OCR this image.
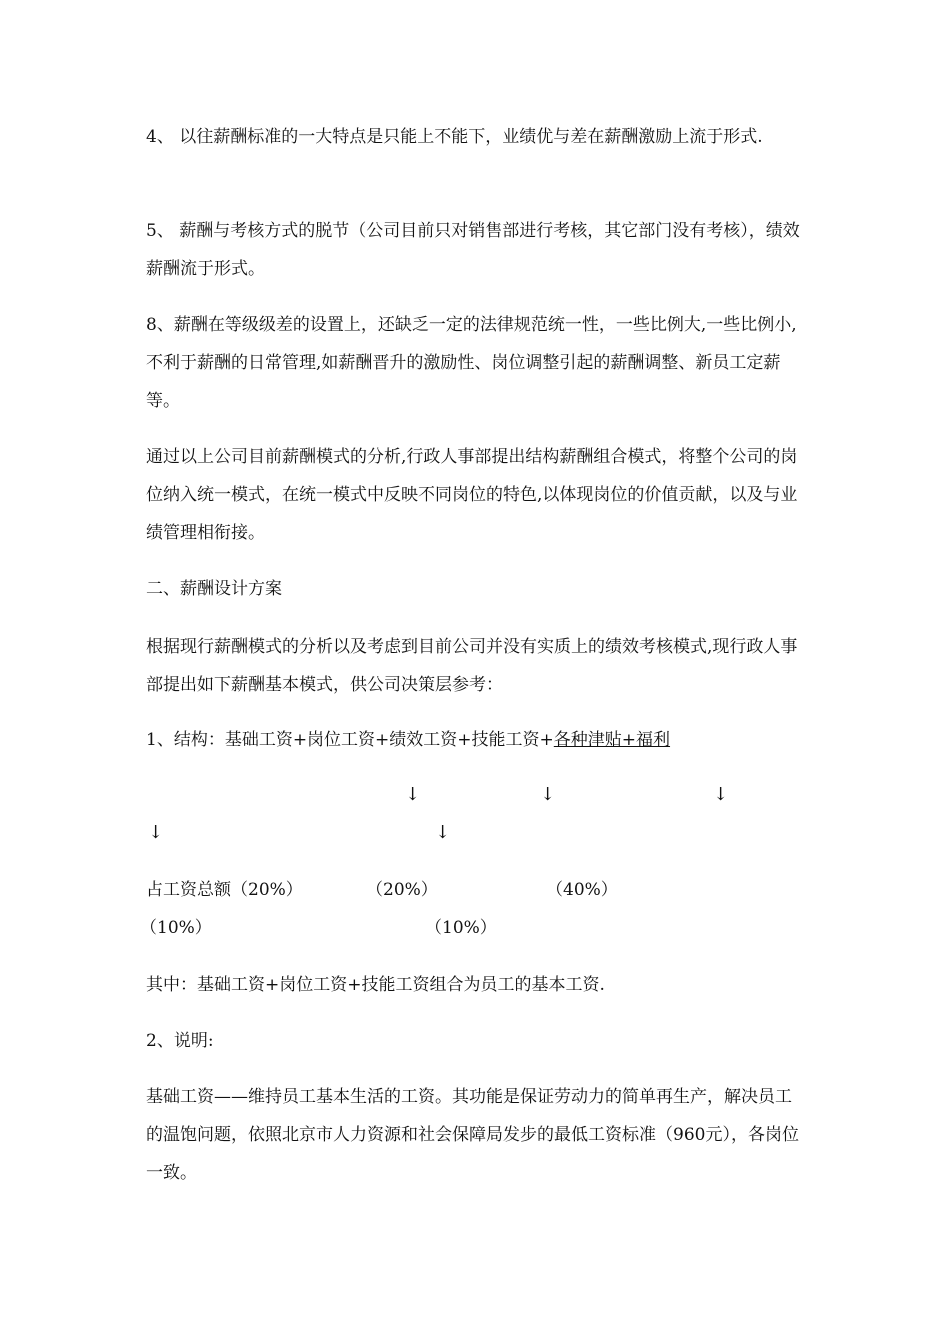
4、 以往薪酬标准的一大特点是只能上不能下，业绩优与差在薪酬激励上流于形式.
5、 薪酬与考核方式的脱节（公司目前只对销售部进行考核，其它部门没有考核），绩效薪酬流于形式。
8、薪酬在等级级差的设置上，还缺乏一定的法律规范统一性，一些比例大,一些比例小,不利于薪酬的日常管理,如薪酬晋升的激励性、岗位调整引起的薪酬调整、新员工定薪等。
通过以上公司目前薪酬模式的分析,行政人事部提出结构薪酬组合模式，将整个公司的岗位纳入统一模式，在统一模式中反映不同岗位的特色,以体现岗位的价值贡献，以及与业绩管理相衔接。
二、薪酬设计方案
根据现行薪酬模式的分析以及考虑到目前公司并没有实质上的绩效考核模式,现行政人事部提出如下薪酬基本模式，供公司决策层参考：
1、结构：基础工资+岗位工资+绩效工资+技能工资+各种津贴+福利
↓	↓	↓
↓	↓
占工资总额（20%）	（20%）	（40%）
（10%）	（10%）
其中：基础工资+岗位工资+技能工资组合为员工的基本工资.
2、说明:
基础工资——维持员工基本生活的工资。其功能是保证劳动力的简单再生产，解决员工的温饱问题，依照北京市人力资源和社会保障局发步的最低工资标准（960元），各岗位一致。
